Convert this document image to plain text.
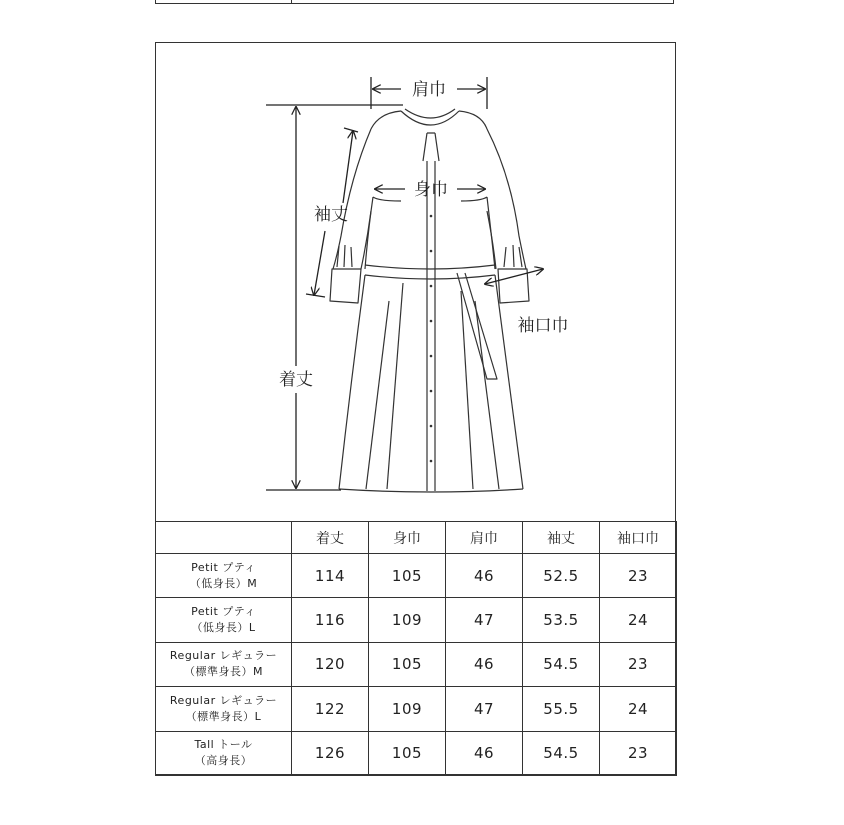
肩巾
身巾
袖丈
着丈
袖口巾
	着丈	身巾	肩巾	袖丈	袖口巾

Petit プティ
（低身長）M	114	105	46	52.5	23

Petit プティ
（低身長）L	116	109	47	53.5	24

Regular レギュラー
（標準身長）M	120	105	46	54.5	23

Regular レギュラー
（標準身長）L	122	109	47	55.5	24

Tall トール
（高身長）	126	105	46	54.5	23
